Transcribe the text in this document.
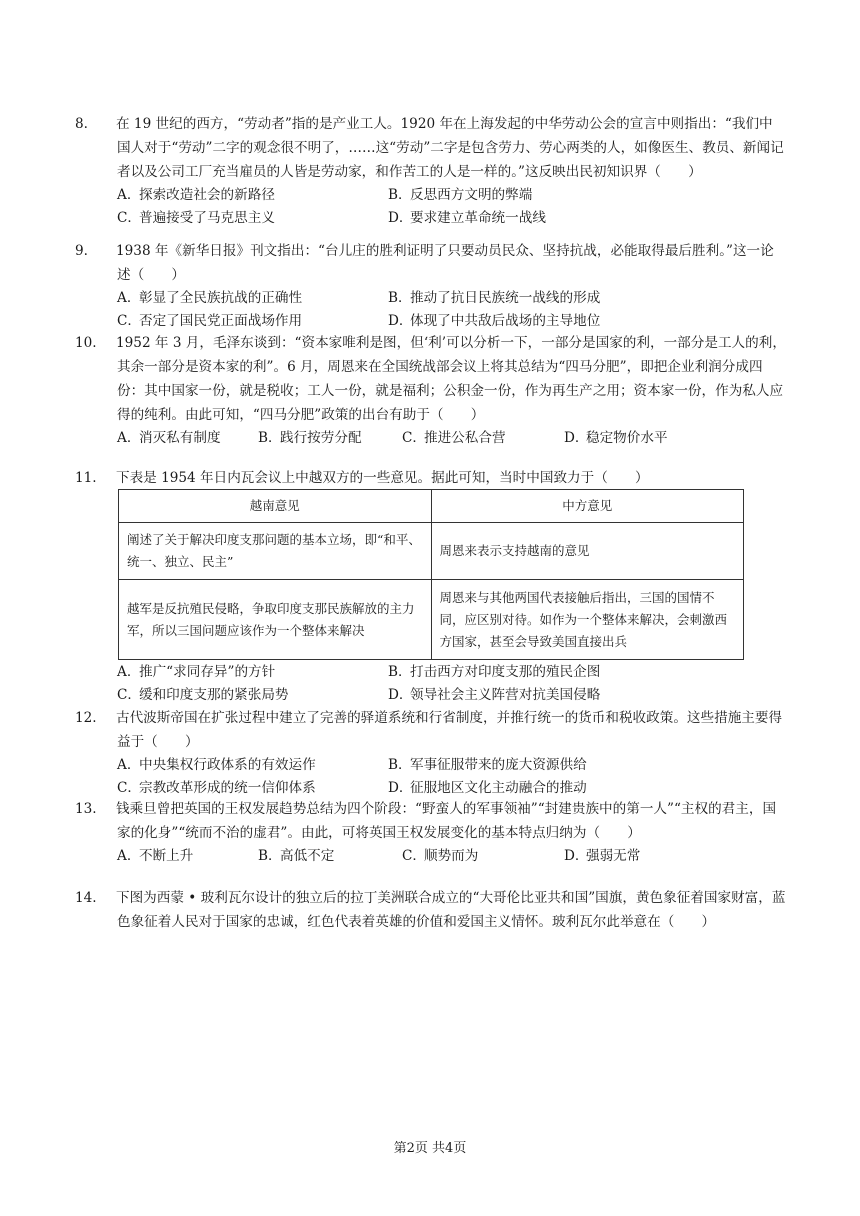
8. 在 19 世纪的西方，“劳动者”指的是产业工人。1920 年在上海发起的中华劳动公会的宣言中则指出：“我们中国人对于“劳动”二字的观念很不明了，……这“劳动”二字是包含劳力、劳心两类的人，如像医生、教员、新闻记者以及公司工厂充当雇员的人皆是劳动家，和作苦工的人是一样的。”这反映出民初知识界（　　）

A．探索改造社会的新路径	B．反思西方文明的弊端
C．普遍接受了马克思主义	D．要求建立革命统一战线

9. 1938 年《新华日报》刊文指出：“台儿庄的胜利证明了只要动员民众、坚持抗战，必能取得最后胜利。”这一论述（　　）

A．彰显了全民族抗战的正确性	B．推动了抗日民族统一战线的形成
C．否定了国民党正面战场作用	D．体现了中共敌后战场的主导地位

10. 1952 年 3 月，毛泽东谈到：“资本家唯利是图，但‘利’可以分析一下，一部分是国家的利，一部分是工人的利，其余一部分是资本家的利”。6 月，周恩来在全国统战部会议上将其总结为“四马分肥”，即把企业利润分成四份：其中国家一份，就是税收；工人一份，就是福利；公积金一份，作为再生产之用；资本家一份，作为私人应得的纯利。由此可知，“四马分肥”政策的出台有助于（　　）

A．消灭私有制度	B．践行按劳分配	C．推进公私合营	D．稳定物价水平

11. 下表是 1954 年日内瓦会议上中越双方的一些意见。据此可知，当时中国致力于（　　）

越南意见	中方意见
阐述了关于解决印度支那问题的基本立场，即“和平、统一、独立、民主”	周恩来表示支持越南的意见
越军是反抗殖民侵略，争取印度支那民族解放的主力军，所以三国问题应该作为一个整体来解决	周恩来与其他两国代表接触后指出，三国的国情不同，应区别对待。如作为一个整体来解决，会刺激西方国家，甚至会导致美国直接出兵
A．推广“求同存异”的方针	B．打击西方对印度支那的殖民企图
C．缓和印度支那的紧张局势	D．领导社会主义阵营对抗美国侵略

12. 古代波斯帝国在扩张过程中建立了完善的驿道系统和行省制度，并推行统一的货币和税收政策。这些措施主要得益于（　　）

A．中央集权行政体系的有效运作	B．军事征服带来的庞大资源供给
C．宗教改革形成的统一信仰体系	D．征服地区文化主动融合的推动

13. 钱乘旦曾把英国的王权发展趋势总结为四个阶段：“野蛮人的军事领袖”“封建贵族中的第一人”“主权的君主，国家的化身”“统而不治的虚君”。由此，可将英国王权发展变化的基本特点归纳为（　　）

A．不断上升	B．高低不定	C．顺势而为	D．强弱无常

14. 下图为西蒙 • 玻利瓦尔设计的独立后的拉丁美洲联合成立的“大哥伦比亚共和国”国旗，黄色象征着国家财富，蓝色象征着人民对于国家的忠诚，红色代表着英雄的价值和爱国主义情怀。玻利瓦尔此举意在（　　）

第2页 共4页
